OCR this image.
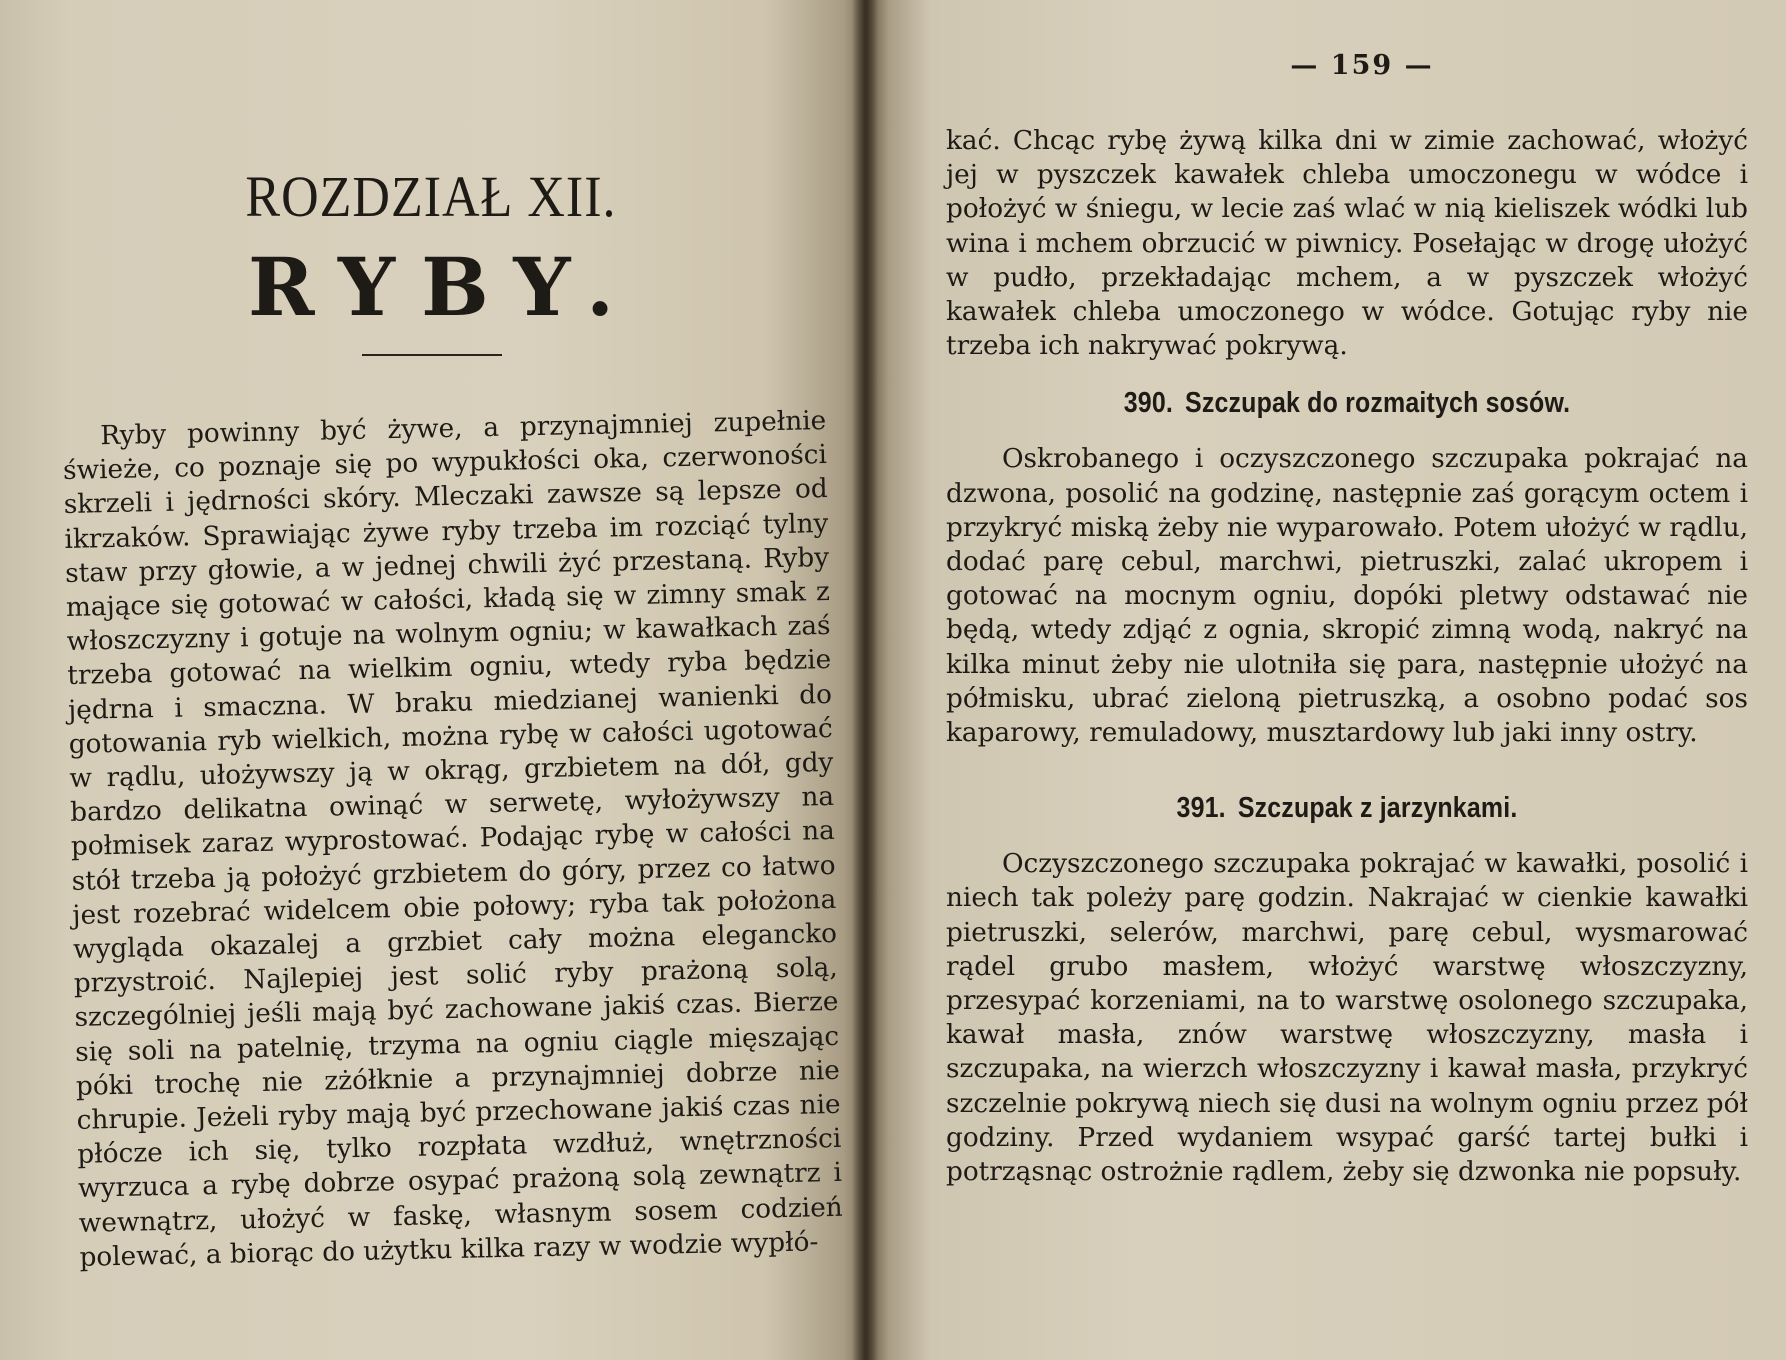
ROZDZIAŁ XII.
RYBY.

Ryby powinny być żywe, a przynajmniej zupełnie świeże, co poznaje się po wypukłości oka, czerwoności skrzeli i jędrności skóry. Mleczaki zawsze są lepsze od ikrzaków. Sprawiając żywe ryby trzeba im rozciąć tylny staw przy głowie, a w jednej chwili żyć przestaną. Ryby mające się gotować w całości, kładą się w zimny smak z włoszczyzny i gotuje na wolnym ogniu; w kawałkach zaś trzeba gotować na wielkim ogniu, wtedy ryba będzie jędrna i smaczna. W braku miedzianej wanienki do gotowania ryb wielkich, można rybę w całości ugotować w rądlu, ułożywszy ją w okrąg, grzbietem na dół, gdy bardzo delikatna owinąć w serwetę, wyłożywszy na połmisek zaraz wyprostować. Podając rybę w całości na stół trzeba ją położyć grzbietem do góry, przez co łatwo jest rozebrać widelcem obie połowy; ryba tak położona wygląda okazalej a grzbiet cały można elegancko przystroić. Najlepiej jest solić ryby prażoną solą, szczególniej jeśli mają być zachowane jakiś czas. Bierze się soli na patelnię, trzyma na ogniu ciągle mięszając póki trochę nie zżółknie a przynajmniej dobrze nie chrupie. Jeżeli ryby mają być przechowane jakiś czas nie płócze ich się, tylko rozpłata wzdłuż, wnętrzności wyrzuca a rybę dobrze osypać prażoną solą zewnątrz i wewnątrz, ułożyć w faskę, własnym sosem codzień polewać, a biorąc do użytku kilka razy w wodzie wypłó-

— 159 —

kać. Chcąc rybę żywą kilka dni w zimie zachować, włożyć jej w pyszczek kawałek chleba umoczonegu w wódce i położyć w śniegu, w lecie zaś wlać w nią kieliszek wódki lub wina i mchem obrzucić w piwnicy. Posełając w drogę ułożyć w pudło, przekładając mchem, a w pyszczek włożyć kawałek chleba umoczonego w wódce. Gotując ryby nie trzeba ich nakrywać pokrywą.

390. Szczupak do rozmaitych sosów.

Oskrobanego i oczyszczonego szczupaka pokrajać na dzwona, posolić na godzinę, następnie zaś gorącym octem i przykryć miską żeby nie wyparowało. Potem ułożyć w rądlu, dodać parę cebul, marchwi, pietruszki, zalać ukropem i gotować na mocnym ogniu, dopóki pletwy odstawać nie będą, wtedy zdjąć z ognia, skropić zimną wodą, nakryć na kilka minut żeby nie ulotniła się para, następnie ułożyć na półmisku, ubrać zieloną pietruszką, a osobno podać sos kaparowy, remuladowy, musztardowy lub jaki inny ostry.

391. Szczupak z jarzynkami.

Oczyszczonego szczupaka pokrajać w kawałki, posolić i niech tak poleży parę godzin. Nakrajać w cienkie kawałki pietruszki, selerów, marchwi, parę cebul, wysmarować rądel grubo masłem, włożyć warstwę włoszczyzny, przesypać korzeniami, na to warstwę osolonego szczupaka, kawał masła, znów warstwę włoszczyzny, masła i szczupaka, na wierzch włoszczyzny i kawał masła, przykryć szczelnie pokrywą niech się dusi na wolnym ogniu przez pół godziny. Przed wydaniem wsypać garść tartej bułki i potrząsnąc ostrożnie rądlem, żeby się dzwonka nie popsuły.
